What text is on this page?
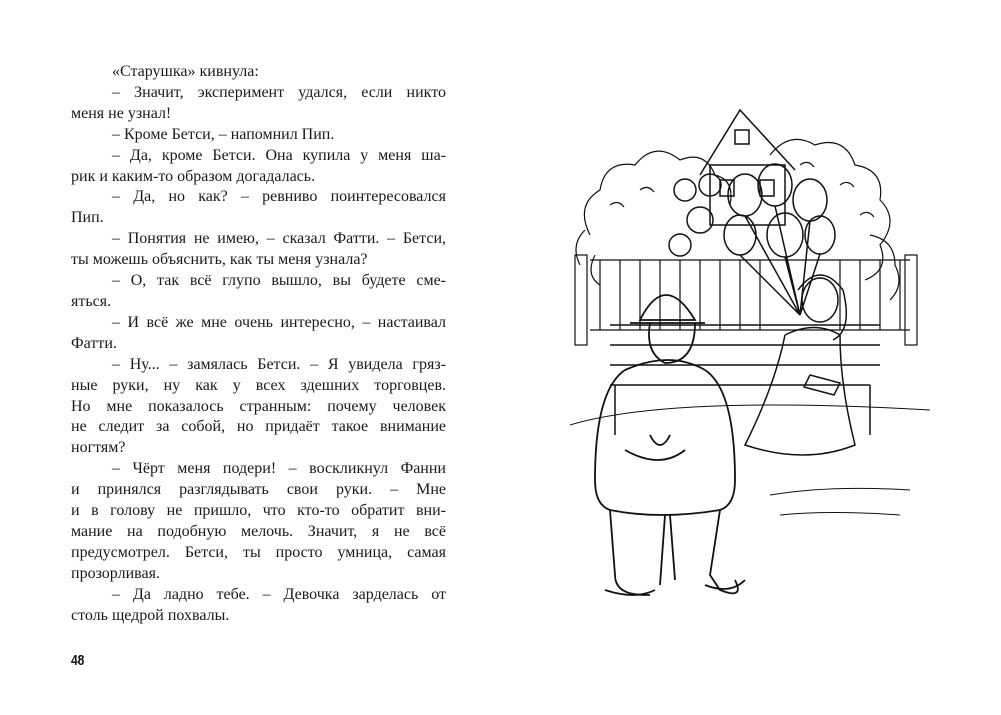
«Старушка» кивнула:
– Значит, эксперимент удался, если никто
меня не узнал!
– Кроме Бетси, – напомнил Пип.
– Да, кроме Бетси. Она купила у меня ша-
рик и каким-то образом догадалась.
– Да, но как? – ревниво поинтересовался
Пип.
– Понятия не имею, – сказал Фатти. – Бетси,
ты можешь объяснить, как ты меня узнала?
– О, так всё глупо вышло, вы будете сме-
яться.
– И всё же мне очень интересно, – настаивал
Фатти.
– Ну... – замялась Бетси. – Я увидела гряз-
ные руки, ну как у всех здешних торговцев.
Но мне показалось странным: почему человек
не следит за собой, но придаёт такое внимание
ногтям?
– Чёрт меня подери! – воскликнул Фанни
и принялся разглядывать свои руки. – Мне
и в голову не пришло, что кто-то обратит вни-
мание на подобную мелочь. Значит, я не всё
предусмотрел. Бетси, ты просто умница, самая
прозорливая.
– Да ладно тебе. – Девочка зарделась от
столь щедрой похвалы.
48
